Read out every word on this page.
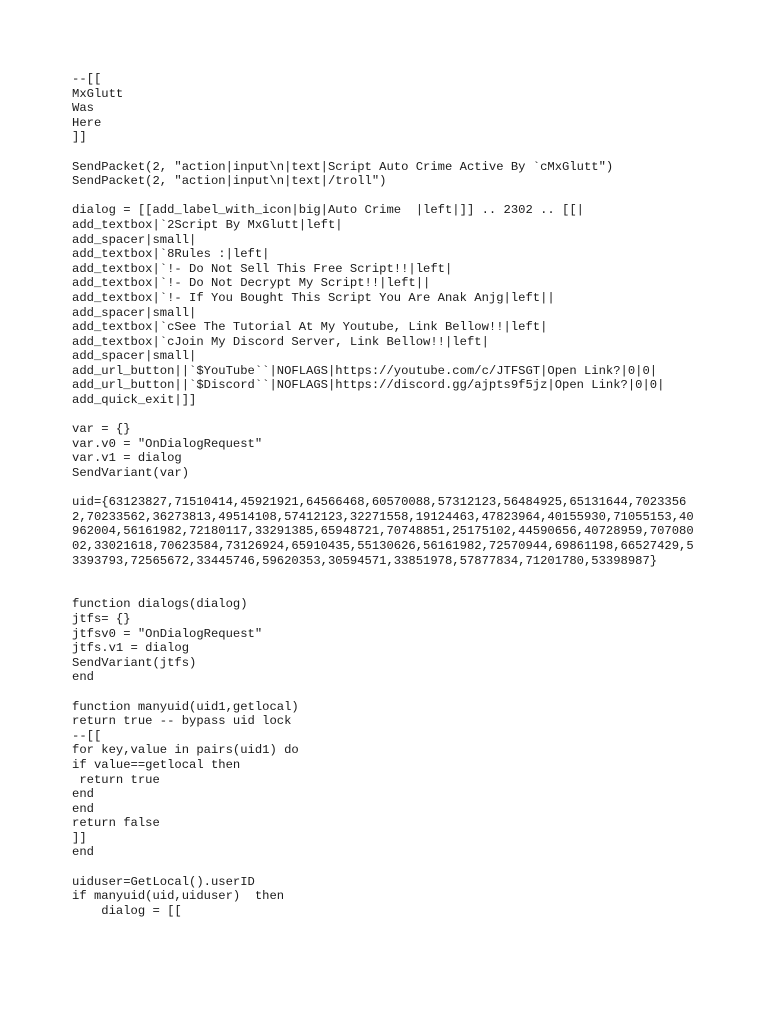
--[[
MxGlutt
Was
Here
]]
SendPacket(2, "action|input\n|text|Script Auto Crime Active By `cMxGlutt")
SendPacket(2, "action|input\n|text|/troll")
dialog = [[add_label_with_icon|big|Auto Crime  |left|]] .. 2302 .. [[|
add_textbox|`2Script By MxGlutt|left|
add_spacer|small|
add_textbox|`8Rules :|left|
add_textbox|`!- Do Not Sell This Free Script!!|left|
add_textbox|`!- Do Not Decrypt My Script!!|left||
add_textbox|`!- If You Bought This Script You Are Anak Anjg|left||
add_spacer|small|
add_textbox|`cSee The Tutorial At My Youtube, Link Bellow!!|left|
add_textbox|`cJoin My Discord Server, Link Bellow!!|left|
add_spacer|small|
add_url_button||`$YouTube``|NOFLAGS|https://youtube.com/c/JTFSGT|Open Link?|0|0|
add_url_button||`$Discord``|NOFLAGS|https://discord.gg/ajpts9f5jz|Open Link?|0|0|
add_quick_exit|]]
var = {}
var.v0 = "OnDialogRequest"
var.v1 = dialog
SendVariant(var)
uid={63123827,71510414,45921921,64566468,60570088,57312123,56484925,65131644,70233562,70233562,36273813,49514108,57412123,32271558,19124463,47823964,40155930,71055153,40962004,56161982,72180117,33291385,65948721,70748851,25175102,44590656,40728959,70708002,33021618,70623584,73126924,65910435,55130626,56161982,72570944,69861198,66527429,53393793,72565672,33445746,59620353,30594571,33851978,57877834,71201780,53398987}
function dialogs(dialog)
jtfs= {}
jtfsv0 = "OnDialogRequest"
jtfs.v1 = dialog
SendVariant(jtfs)
end
function manyuid(uid1,getlocal)
return true -- bypass uid lock
--[[
for key,value in pairs(uid1) do
if value==getlocal then
return true
end
end
return false
]]
end
uiduser=GetLocal().userID
if manyuid(uid,uiduser)  then
dialog = [[
